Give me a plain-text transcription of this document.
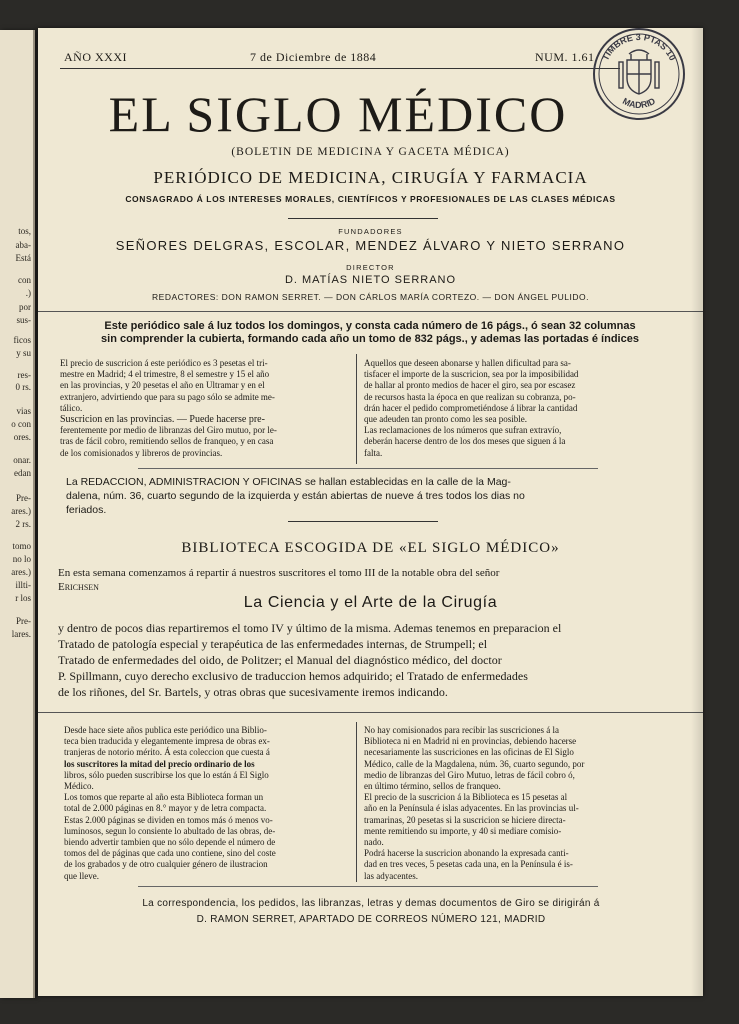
tos,
aba-
Está
con
.)
por
sus-
ficos
y su
res-
0 rs.
vias
o con
ores.
onar.
edan
Pre-
ares.)
2 rs.
tomo
no lo
ares.)
illti-
r los
Pre-
lares.
AÑO XXXI	7 de Diciembre de 1884	NUM. 1.61 TIMBRE 3 PTAS 10
MADRID
EL SIGLO MÉDICO
(BOLETIN DE MEDICINA Y GACETA MÉDICA)
PERIÓDICO DE MEDICINA, CIRUGÍA Y FARMACIA
CONSAGRADO Á LOS INTERESES MORALES, CIENTÍFICOS Y PROFESIONALES DE LAS CLASES MÉDICAS
FUNDADORES
SEÑORES DELGRAS, ESCOLAR, MENDEZ ÁLVARO Y NIETO SERRANO
DIRECTOR
D. MATÍAS NIETO SERRANO
REDACTORES: DON RAMON SERRET. — DON CÁRLOS MARÍA CORTEZO. — DON ÁNGEL PULIDO.
Este periódico sale á luz todos los domingos, y consta cada número de 16 págs., ó sean 32 columnas
sin comprender la cubierta, formando cada año un tomo de 832 págs., y ademas las portadas é índices
El precio de suscricion á este periódico es 3 pesetas el tri-
mestre en Madrid; 4 el trimestre, 8 el semestre y 15 el año
en las provincias, y 20 pesetas el año en Ultramar y en el
extranjero, advirtiendo que para su pago sólo se admite me-
tálico.
Suscricion en las provincias. — Puede hacerse pre-
ferentemente por medio de libranzas del Giro mutuo, por le-
tras de fácil cobro, remitiendo sellos de franqueo, y en casa
de los comisionados y libreros de provincias.
Aquellos que deseen abonarse y hallen dificultad para sa-
tisfacer el importe de la suscricion, sea por la imposibilidad
de hallar al pronto medios de hacer el giro, sea por escasez
de recursos hasta la época en que realizan su cobranza, po-
drán hacer el pedido comprometiéndose á librar la cantidad
que adeuden tan pronto como les sea posible.
Las reclamaciones de los números que sufran extravío,
deberán hacerse dentro de los dos meses que siguen á la
falta.
La REDACCION, ADMINISTRACION Y OFICINAS se hallan establecidas en la calle de la Mag-
dalena, núm. 36, cuarto segundo de la izquierda y están abiertas de nueve á tres todos los dias no
feriados.
BIBLIOTECA ESCOGIDA DE «EL SIGLO MÉDICO»
En esta semana comenzamos á repartir á nuestros suscritores el tomo III de la notable obra del señor
Erichsen
La Ciencia y el Arte de la Cirugía
y dentro de pocos dias repartiremos el tomo IV y último de la misma. Ademas tenemos en preparacion el
Tratado de patología especial y terapéutica de las enfermedades internas, de Strumpell; el
Tratado de enfermedades del oido, de Politzer; el Manual del diagnóstico médico, del doctor
P. Spillmann, cuyo derecho exclusivo de traduccion hemos adquirido; el Tratado de enfermedades
de los riñones, del Sr. Bartels, y otras obras que sucesivamente iremos indicando.
Desde hace siete años publica este periódico una Biblio-
teca bien traducida y elegantemente impresa de obras ex-
tranjeras de notorio mérito. Á esta coleccion que cuesta á
los suscritores la mitad del precio ordinario de los
libros, sólo pueden suscribirse los que lo están á El Siglo
Médico.
Los tomos que reparte al año esta Biblioteca forman un
total de 2.000 páginas en 8.° mayor y de letra compacta.
Estas 2.000 páginas se dividen en tomos más ó menos vo-
luminosos, segun lo consiente lo abultado de las obras, de-
biendo advertir tambien que no sólo depende el número de
tomos del de páginas que cada uno contiene, sino del coste
de los grabados y de otro cualquier género de ilustracion
que lleve.
No hay comisionados para recibir las suscriciones á la
Biblioteca ni en Madrid ni en provincias, debiendo hacerse
necesariamente las suscriciones en las oficinas de El Siglo
Médico, calle de la Magdalena, núm. 36, cuarto segundo, por
medio de libranzas del Giro Mutuo, letras de fácil cobro ó,
en último término, sellos de franqueo.
El precio de la suscricion á la Biblioteca es 15 pesetas al
año en la Península é islas adyacentes. En las provincias ul-
tramarinas, 20 pesetas si la suscricion se hiciere directa-
mente remitiendo su importe, y 40 si mediare comisio-
nado.
Podrá hacerse la suscricion abonando la expresada canti-
dad en tres veces, 5 pesetas cada una, en la Península é is-
las adyacentes.
La correspondencia, los pedidos, las libranzas, letras y demas documentos de Giro se dirigirán á
D. RAMON SERRET, APARTADO DE CORREOS NÚMERO 121, MADRID
